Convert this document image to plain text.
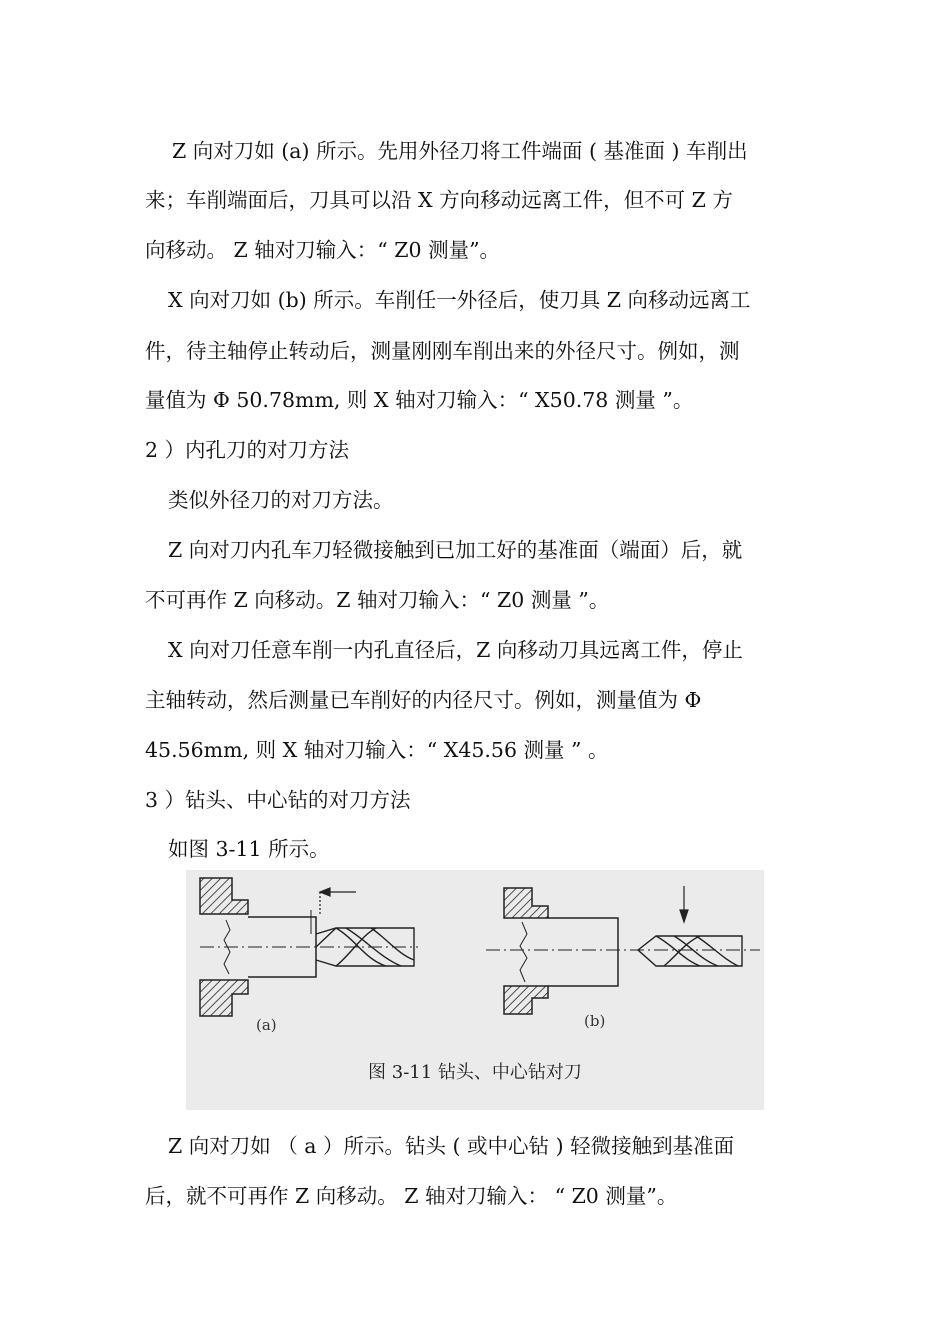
Z 向对刀如 (a) 所示。先用外径刀将工件端面 ( 基准面 ) 车削出
来；车削端面后，刀具可以沿 X 方向移动远离工件，但不可 Z 方
向移动。 Z 轴对刀输入：“ Z0 测量”。
X 向对刀如 (b) 所示。车削任一外径后，使刀具 Z 向移动远离工
件，待主轴停止转动后，测量刚刚车削出来的外径尺寸。例如，测
量值为 Φ 50.78mm, 则 X 轴对刀输入：“ X50.78 测量 ”。
2 ）内孔刀的对刀方法
类似外径刀的对刀方法。
Z 向对刀内孔车刀轻微接触到已加工好的基准面（端面）后，就
不可再作 Z 向移动。Z 轴对刀输入：“ Z0 测量 ”。
X 向对刀任意车削一内孔直径后，Z 向移动刀具远离工件，停止
主轴转动，然后测量已车削好的内径尺寸。例如，测量值为 Φ
45.56mm, 则 X 轴对刀输入：“ X45.56 测量 ” 。
3 ）钻头、中心钻的对刀方法
如图 3-11 所示。
(a)	(b)
图 3-11 钻头、中心钻对刀
Z 向对刀如 （ a ）所示。钻头 ( 或中心钻 ) 轻微接触到基准面
后，就不可再作 Z 向移动。 Z 轴对刀输入： “ Z0 测量”。
